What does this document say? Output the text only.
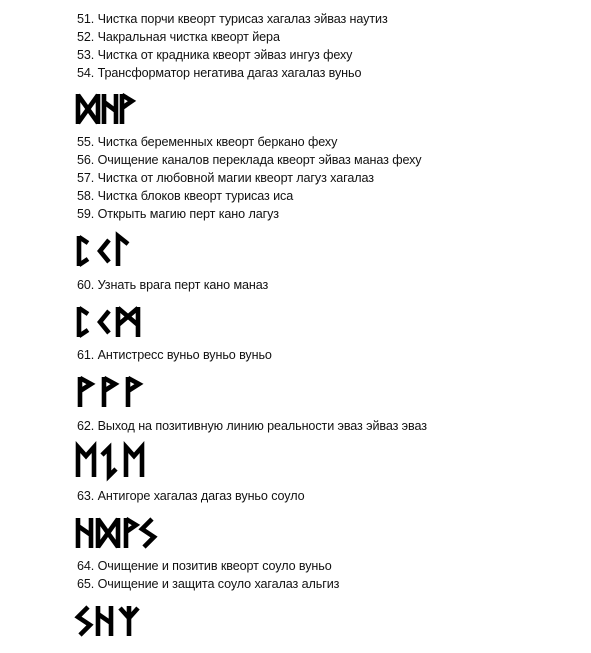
51. Чистка порчи квеорт турисаз хагалаз эйваз наутиз
52. Чакральная чистка квеорт йера
53. Чистка от крадника квеорт эйваз ингуз феху
54. Трансформатор негатива дагаз хагалаз вуньо
55. Чистка беременных квеорт беркано феху
56. Очищение каналов перекладa квеорт эйваз маназ феху
57. Чистка от любовной магии квеорт лагуз хагалаз
58. Чистка блоков квеорт турисаз иса
59. Открыть магию перт кано лагуз
60. Узнать врага перт кано маназ
61. Антистресс вуньо вуньо вуньо
62. Выход на позитивную линию реальности эваз эйваз эваз
63. Антигоре хагалаз дагаз вуньо соуло
64. Очищение и позитив квеорт соуло вуньо
65. Очищение и защита соуло хагалаз альгиз
